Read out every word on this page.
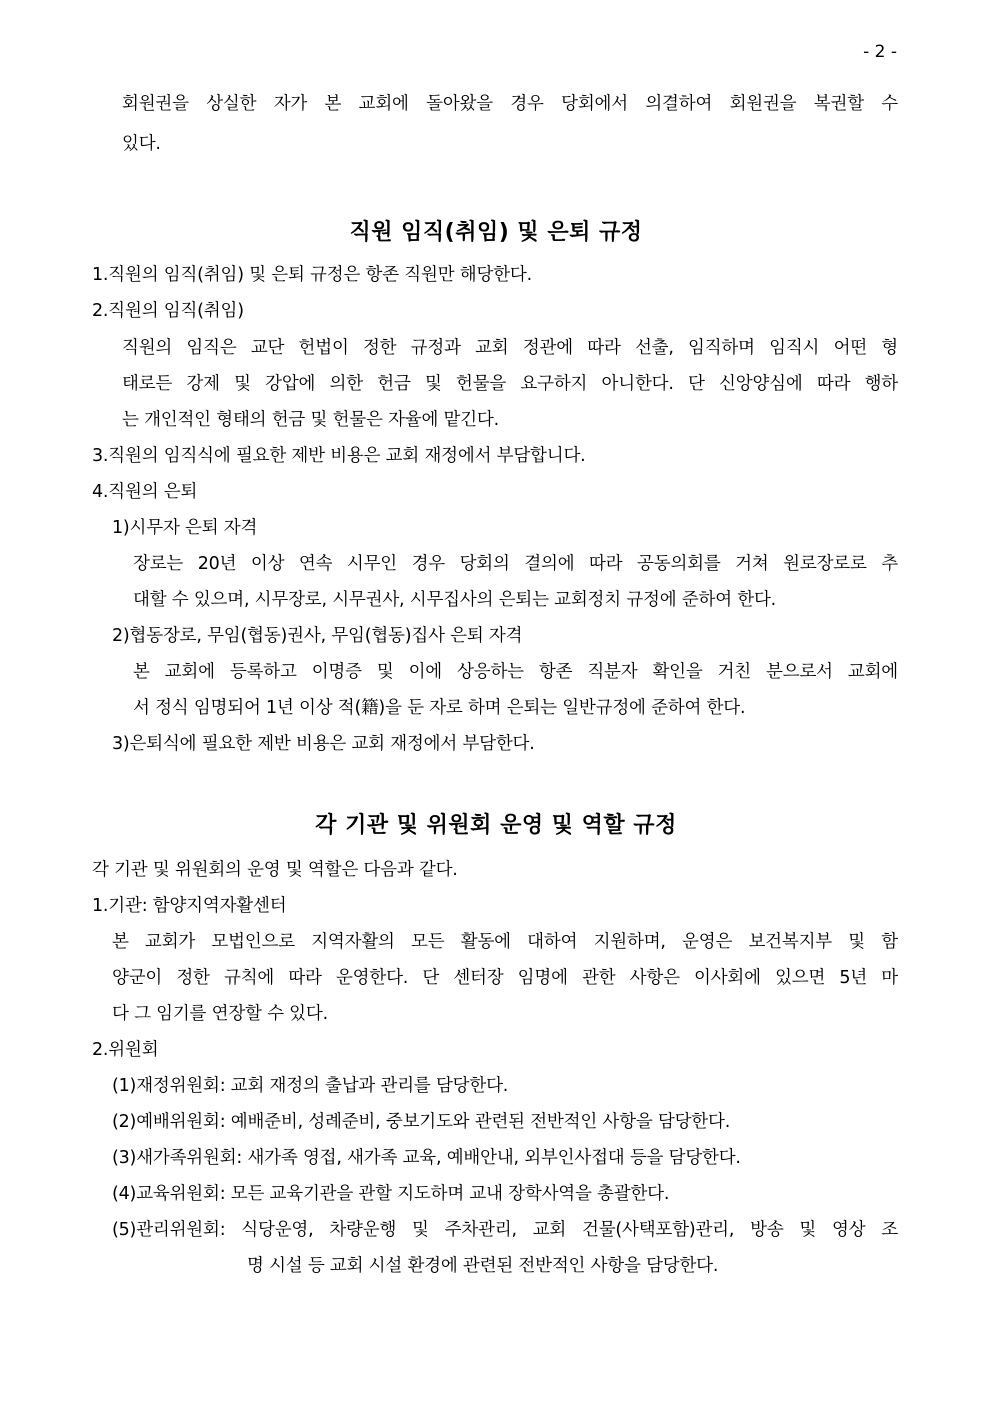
- 2 -
회원권을 상실한 자가 본 교회에 돌아왔을 경우 당회에서 의결하여 회원권을 복권할 수
있다.
직원 임직(취임) 및 은퇴 규정
1.직원의 임직(취임) 및 은퇴 규정은 항존 직원만 해당한다.
2.직원의 임직(취임)
직원의 임직은 교단 헌법이 정한 규정과 교회 정관에 따라 선출, 임직하며 임직시 어떤 형
태로든 강제 및 강압에 의한 헌금 및 헌물을 요구하지 아니한다. 단 신앙양심에 따라 행하
는 개인적인 형태의 헌금 및 헌물은 자율에 맡긴다.
3.직원의 임직식에 필요한 제반 비용은 교회 재정에서 부담합니다.
4.직원의 은퇴
1)시무자 은퇴 자격
장로는 20년 이상 연속 시무인 경우 당회의 결의에 따라 공동의회를 거쳐 원로장로로 추
대할 수 있으며, 시무장로, 시무권사, 시무집사의 은퇴는 교회정치 규정에 준하여 한다.
2)협동장로, 무임(협동)권사, 무임(협동)집사 은퇴 자격
본 교회에 등록하고 이명증 및 이에 상응하는 항존 직분자 확인을 거친 분으로서 교회에
서 정식 임명되어 1년 이상 적(籍)을 둔 자로 하며 은퇴는 일반규정에 준하여 한다.
3)은퇴식에 필요한 제반 비용은 교회 재정에서 부담한다.
각 기관 및 위원회 운영 및 역할 규정
각 기관 및 위원회의 운영 및 역할은 다음과 같다.
1.기관: 함양지역자활센터
본 교회가 모법인으로 지역자활의 모든 활동에 대하여 지원하며, 운영은 보건복지부 및 함
양군이 정한 규칙에 따라 운영한다. 단 센터장 임명에 관한 사항은 이사회에 있으면 5년 마
다 그 임기를 연장할 수 있다.
2.위원회
(1)재정위원회: 교회 재정의 출납과 관리를 담당한다.
(2)예배위원회: 예배준비, 성례준비, 중보기도와 관련된 전반적인 사항을 담당한다.
(3)새가족위원회: 새가족 영접, 새가족 교육, 예배안내, 외부인사접대 등을 담당한다.
(4)교육위원회: 모든 교육기관을 관할 지도하며 교내 장학사역을 총괄한다.
(5)관리위원회: 식당운영, 차량운행 및 주차관리, 교회 건물(사택포함)관리, 방송 및 영상 조
명 시설 등 교회 시설 환경에 관련된 전반적인 사항을 담당한다.
